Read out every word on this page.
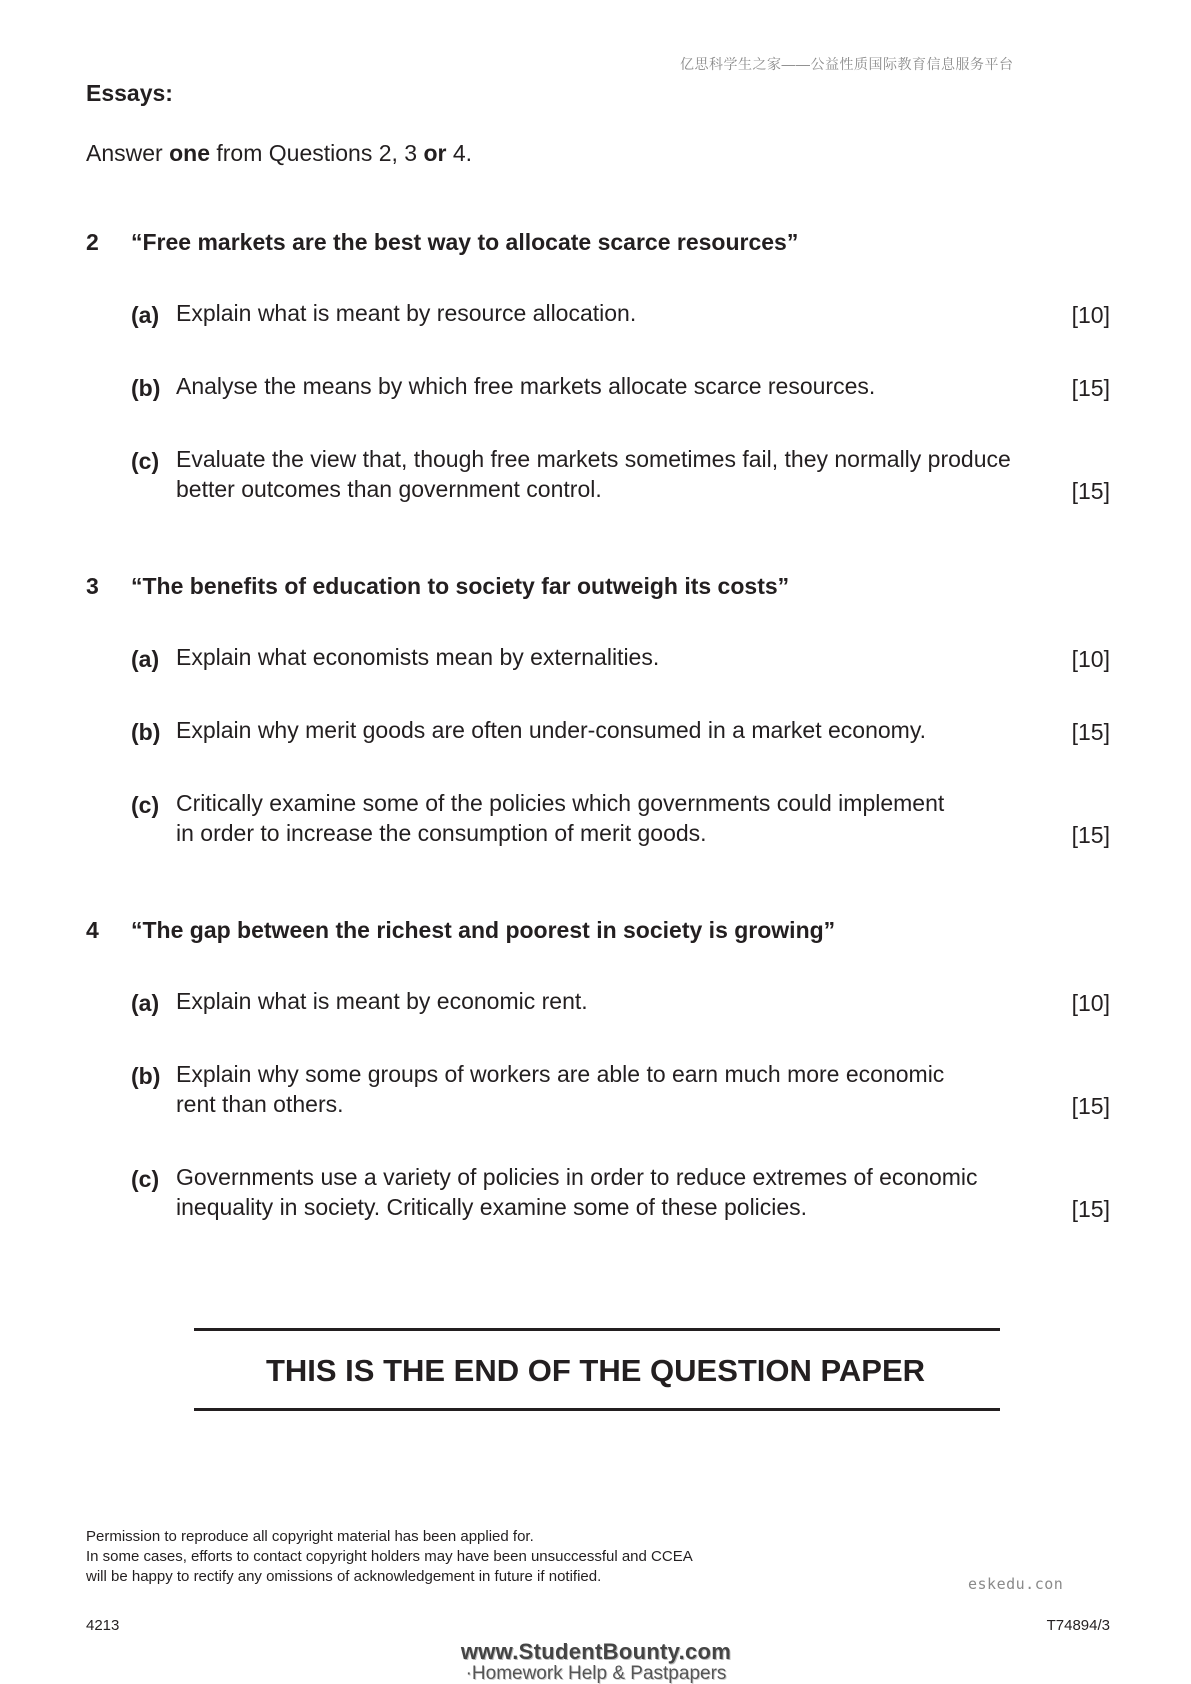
亿思科学生之家——公益性质国际教育信息服务平台
Essays:
Answer one from Questions 2, 3 or 4.
2 “Free markets are the best way to allocate scarce resources”
(a) Explain what is meant by resource allocation.	[10]
(b) Analyse the means by which free markets allocate scarce resources.	[15]
(c) Evaluate the view that, though free markets sometimes fail, they normally produce
better outcomes than government control.	[15]
3 “The benefits of education to society far outweigh its costs”
(a) Explain what economists mean by externalities.	[10]
(b) Explain why merit goods are often under-consumed in a market economy.	[15]
(c) Critically examine some of the policies which governments could implement
in order to increase the consumption of merit goods.	[15]
4 “The gap between the richest and poorest in society is growing”
(a) Explain what is meant by economic rent.	[10]
(b) Explain why some groups of workers are able to earn much more economic
rent than others.	[15]
(c) Governments use a variety of policies in order to reduce extremes of economic
inequality in society. Critically examine some of these policies.	[15]
THIS IS THE END OF THE QUESTION PAPER
Permission to reproduce all copyright material has been applied for.
In some cases, efforts to contact copyright holders may have been unsuccessful and CCEA
will be happy to rectify any omissions of acknowledgement in future if notified.	eskedu.con
4213	T74894/3
www.StudentBounty.com
·Homework Help & Pastpapers
